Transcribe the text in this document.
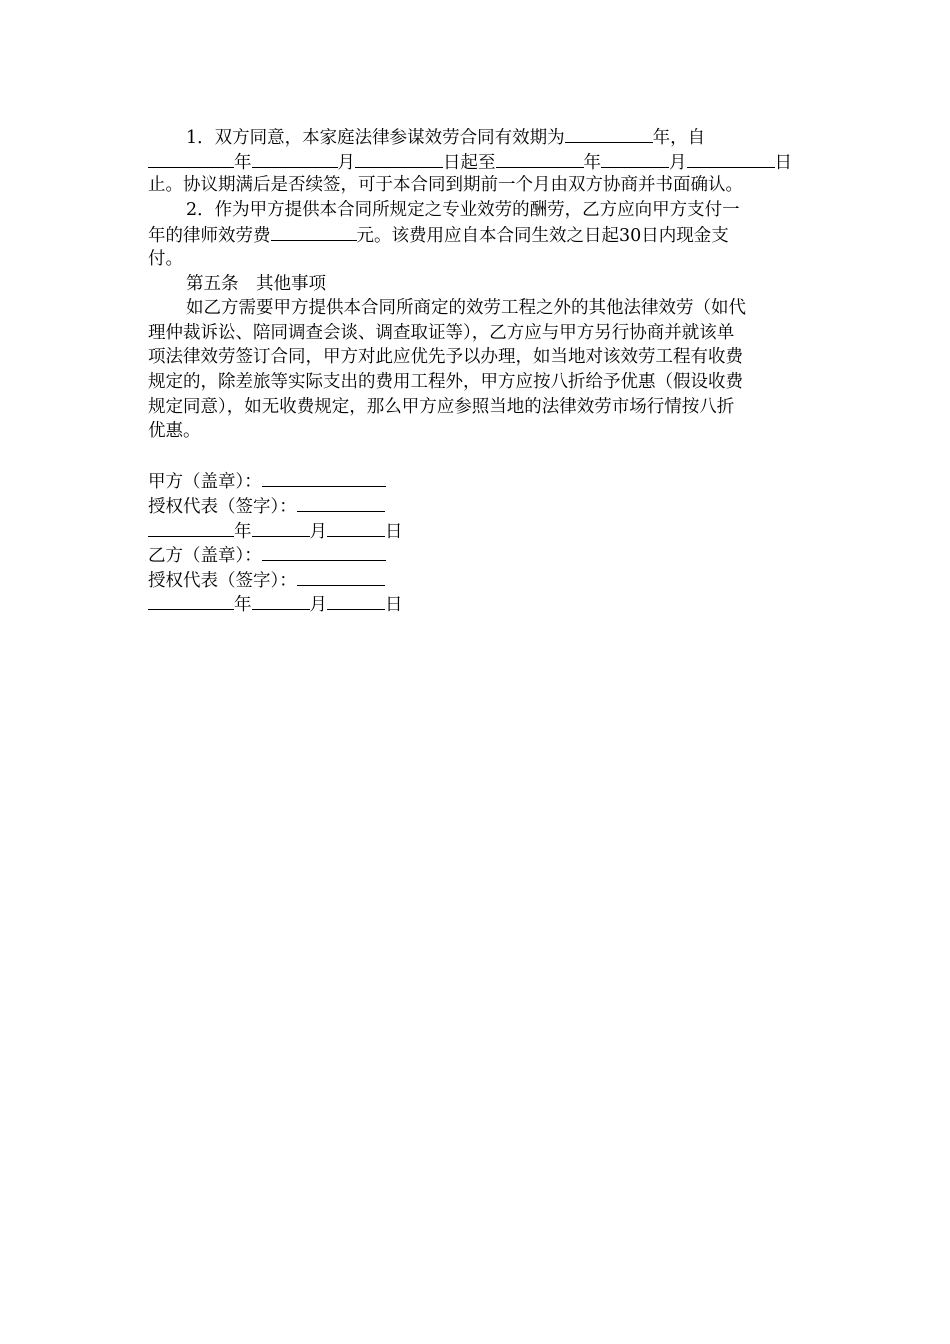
1．双方同意，本家庭法律参谋效劳合同有效期为	年，自
年	月	日起至	年	月	日
止。协议期满后是否续签，可于本合同到期前一个月由双方协商并书面确认。
2．作为甲方提供本合同所规定之专业效劳的酬劳，乙方应向甲方支付一
年的律师效劳费	元。该费用应自本合同生效之日起30日内现金支
付。
第五条　其他事项
如乙方需要甲方提供本合同所商定的效劳工程之外的其他法律效劳（如代
理仲裁诉讼、陪同调查会谈、调查取证等），乙方应与甲方另行协商并就该单
项法律效劳签订合同，甲方对此应优先予以办理，如当地对该效劳工程有收费
规定的，除差旅等实际支出的费用工程外，甲方应按八折给予优惠（假设收费
规定同意），如无收费规定，那么甲方应参照当地的法律效劳市场行情按八折
优惠。
甲方（盖章）：
授权代表（签字）：
年	月	日
乙方（盖章）：
授权代表（签字）：
年	月	日
